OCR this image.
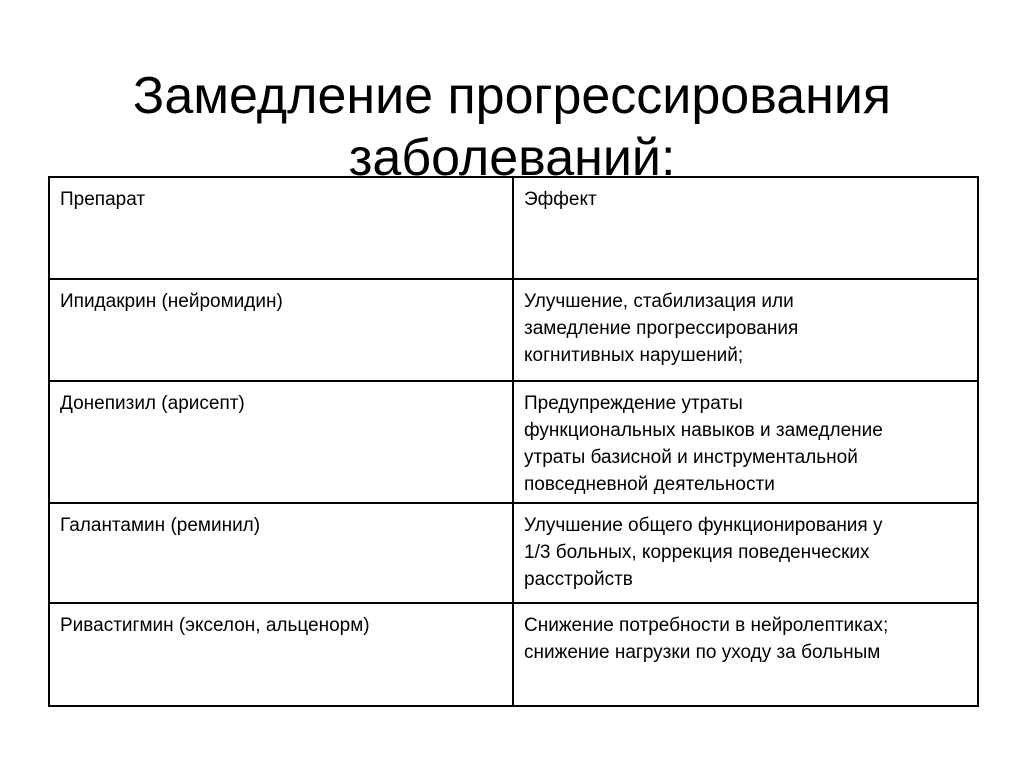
Замедление прогрессирования
заболеваний:
Препарат	Эффект
Ипидакрин (нейромидин)	Улучшение, стабилизация или
замедление прогрессирования
когнитивных нарушений;

Донепизил (арисепт)	Предупреждение утраты
функциональных навыков и замедление
утраты базисной и инструментальной
повседневной деятельности

Галантамин (реминил)	Улучшение общего функционирования у
1/3 больных, коррекция поведенческих
расстройств

Ривастигмин (экселон, альценорм)	Снижение потребности в нейролептиках;
снижение нагрузки по уходу за больным
